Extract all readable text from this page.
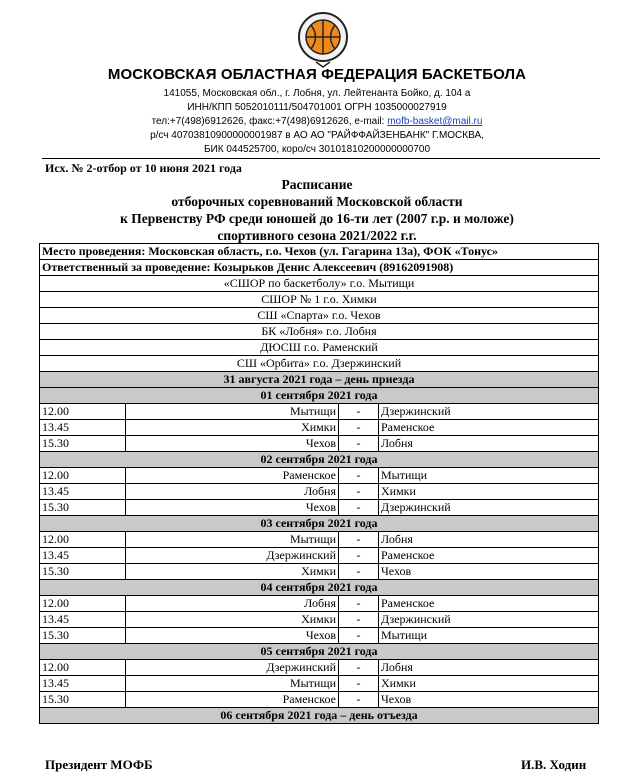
МОСКОВСКАЯ ОБЛАСТНАЯ ФЕДЕРАЦИЯ БАСКЕТБОЛА
141055, Московская обл., г. Лобня, ул. Лейтенанта Бойко, д. 104 а
ИНН/КПП 5052010111/504701001 ОГРН 1035000027919
тел:+7(498)6912626, факс:+7(498)6912626, e-mail: mofb-basket@mail.ru
р/сч 40703810900000001987 в АО АО "РАЙФФАЙЗЕНБАНК" Г.МОСКВА,
БИК 044525700, коро/сч 30101810200000000700
Исх. № 2-отбор от 10 июня 2021 года
Расписание
отборочных соревнований Московской области
к Первенству РФ среди юношей до 16-ти лет (2007 г.р. и моложе)
спортивного сезона 2021/2022 г.г.
Место проведения: Московская область, г.о. Чехов (ул. Гагарина 13а), ФОК «Тонус»			
Ответственный за проведение: Козырьков Денис Алексеевич (89162091908)			
«СШОР по баскетболу» г.о. Мытищи			
СШОР № 1 г.о. Химки			
СШ «Спарта» г.о. Чехов			
БК «Лобня» г.о. Лобня			
ДЮСШ г.о. Раменский			
СШ «Орбита» г.о. Дзержинский			
31 августа 2021 года – день приезда			
01 сентября 2021 года			
12.00	Мытищи	-	Дзержинский
13.45	Химки	-	Раменское
15.30	Чехов	-	Лобня
02 сентября 2021 года			
12.00	Раменское	-	Мытищи
13.45	Лобня	-	Химки
15.30	Чехов	-	Дзержинский
03 сентября 2021 года			
12.00	Мытищи	-	Лобня
13.45	Дзержинский	-	Раменское
15.30	Химки	-	Чехов
04 сентября 2021 года			
12.00	Лобня	-	Раменское
13.45	Химки	-	Дзержинский
15.30	Чехов	-	Мытищи
05 сентября 2021 года			
12.00	Дзержинский	-	Лобня
13.45	Мытищи	-	Химки
15.30	Раменское	-	Чехов
06 сентября 2021 года – день отъезда			
Президент МОФБ	И.В. Ходин
